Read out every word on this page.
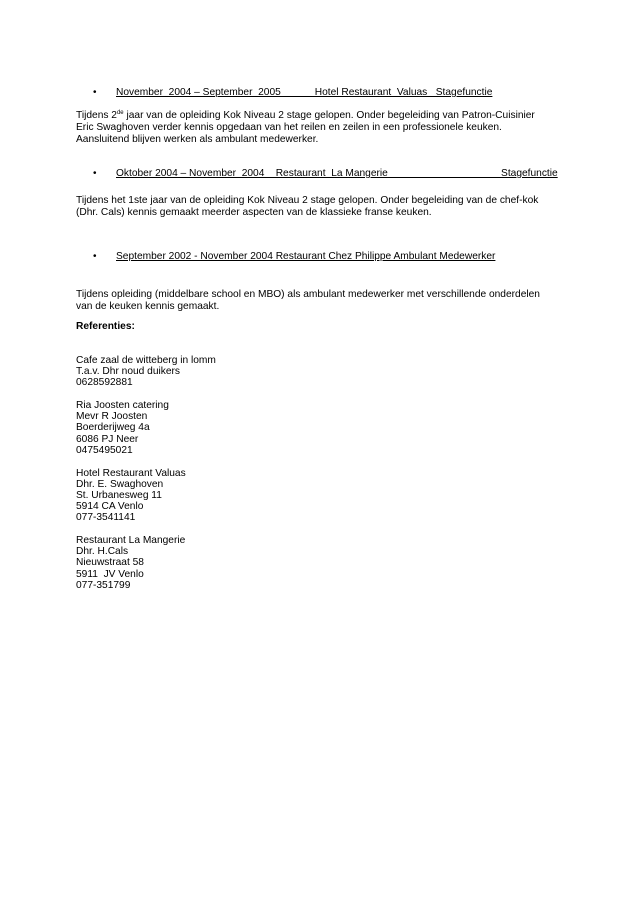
• November  2004 – September  2005            Hotel Restaurant  Valuas   Stagefunctie

Tijdens 2de jaar van de opleiding Kok Niveau 2 stage gelopen. Onder begeleiding van Patron-Cuisinier Eric Swaghoven verder kennis opgedaan van het reilen en zeilen in een professionele keuken. Aansluitend blijven werken als ambulant medewerker.

• Oktober 2004 – November  2004    Restaurant  La Mangerie                                        Stagefunctie

Tijdens het 1ste jaar van de opleiding Kok Niveau 2 stage gelopen. Onder begeleiding van de chef-kok (Dhr. Cals) kennis gemaakt meerder aspecten van de klassieke franse keuken.

• September 2002 - November 2004 Restaurant Chez Philippe Ambulant Medewerker

Tijdens opleiding (middelbare school en MBO) als ambulant medewerker met verschillende onderdelen van de keuken kennis gemaakt.

Referenties:
Cafe zaal de witteberg in lomm
T.a.v. Dhr noud duikers
0628592881
Ria Joosten catering
Mevr R Joosten
Boerderijweg 4a
6086 PJ Neer
0475495021
Hotel Restaurant Valuas
Dhr. E. Swaghoven
St. Urbanesweg 11
5914 CA Venlo
077-3541141
Restaurant La Mangerie
Dhr. H.Cals
Nieuwstraat 58
5911  JV Venlo
077-351799
